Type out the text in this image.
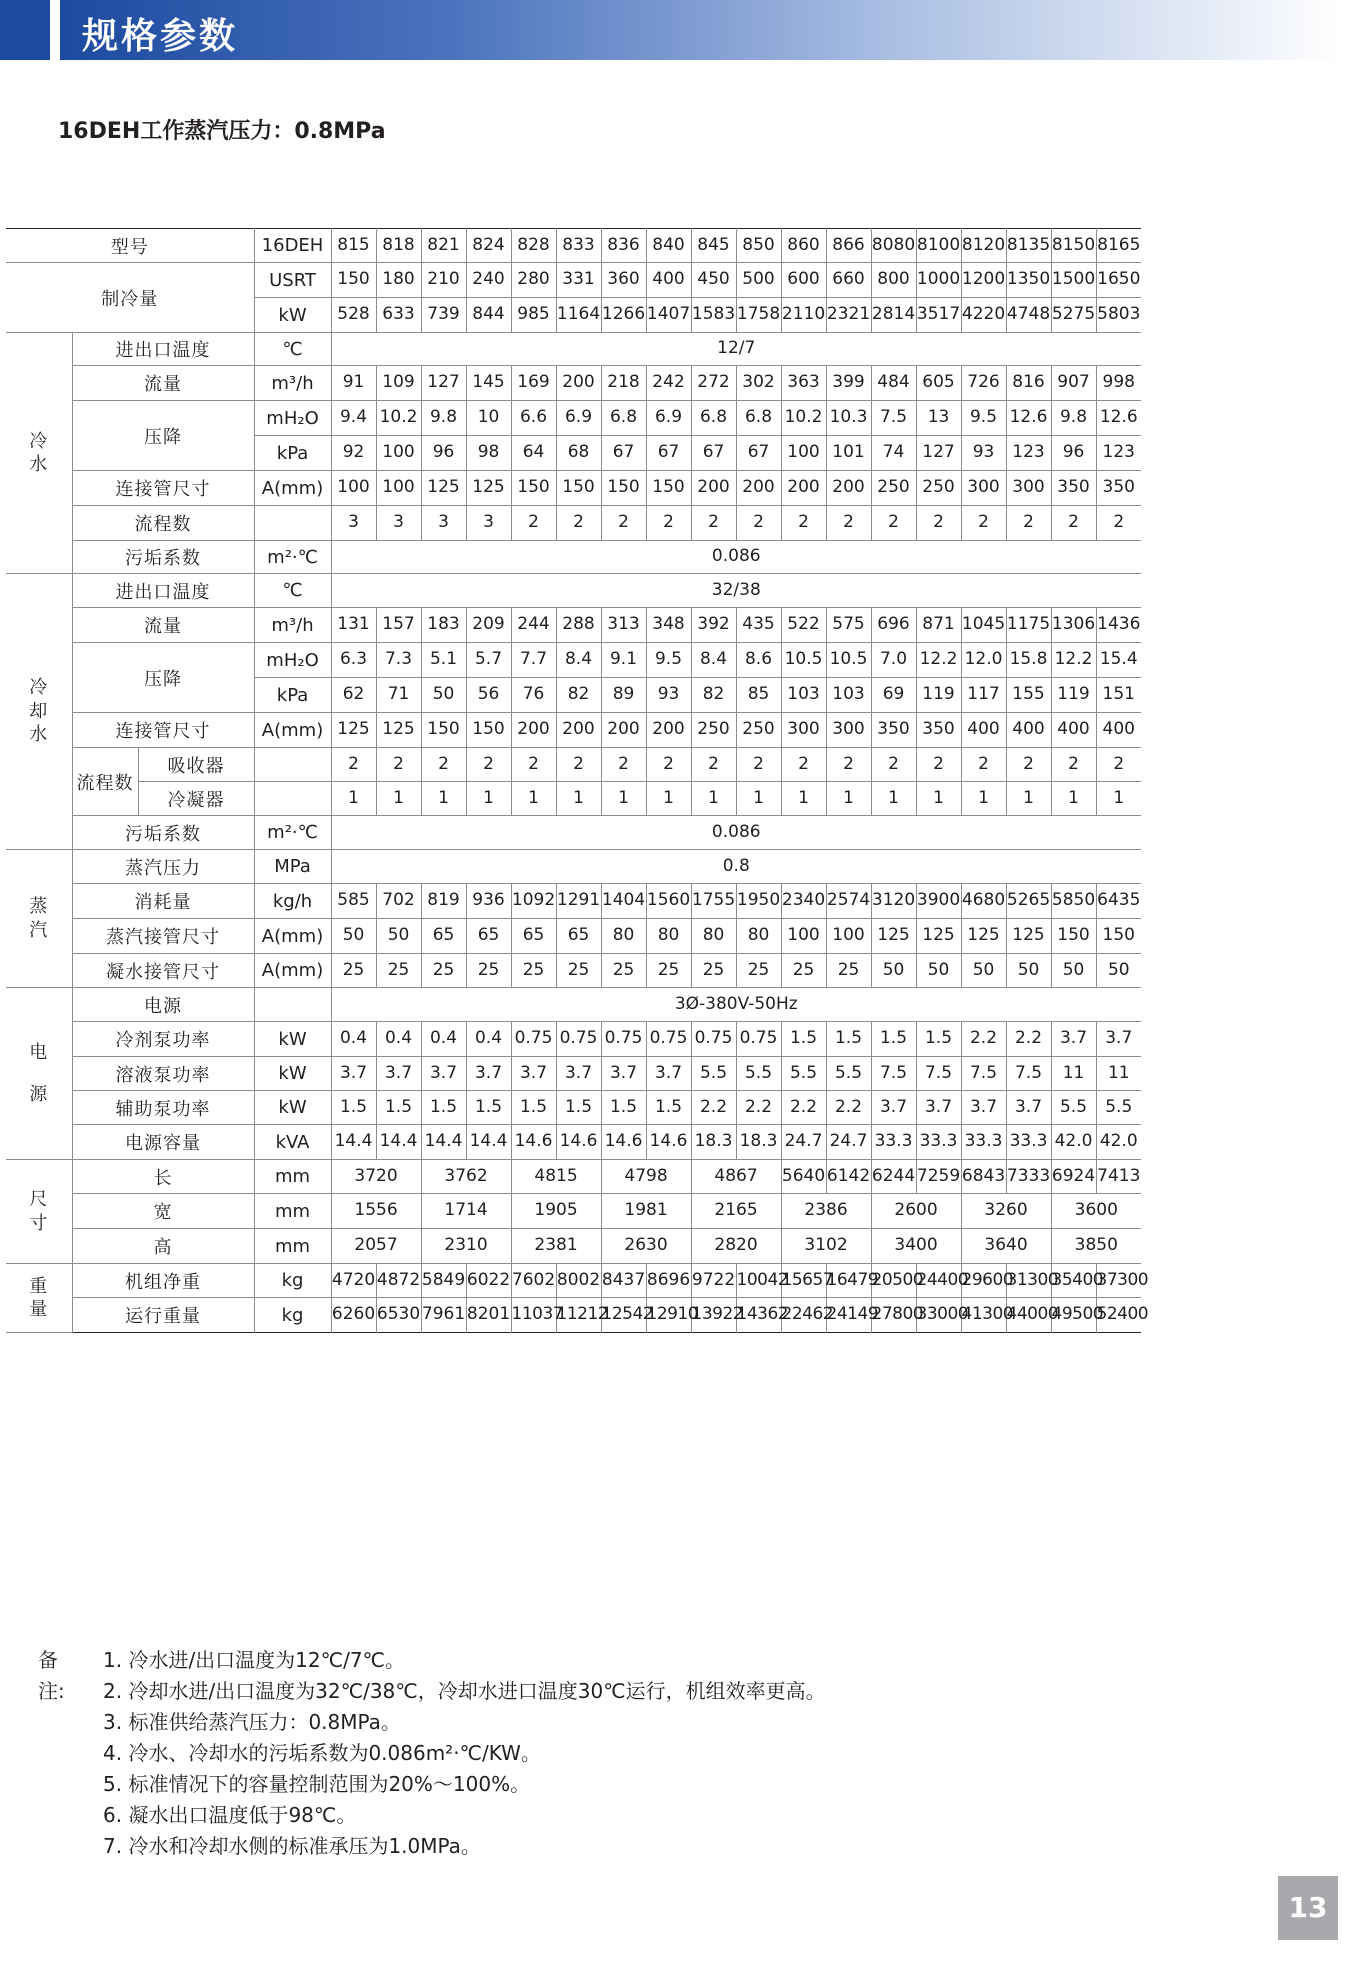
规格参数
16DEH工作蒸汽压力：0.8MPa
型号			16DEH	815	818	821	824	828	833	836	840	845	850	860	866	8080	8100	8120	8135	8150	8165
制冷量			USRT	150	180	210	240	280	331	360	400	450	500	600	660	800	1000	1200	1350	1500	1650
			kW	528	633	739	844	985	1164	1266	1407	1583	1758	2110	2321	2814	3517	4220	4748	5275	5803

冷
水	进出口温度		℃	12/7																	
	流量		m³/h	91	109	127	145	169	200	218	242	272	302	363	399	484	605	726	816	907	998
	压降		mH₂O	9.4	10.2	9.8	10	6.6	6.9	6.8	6.9	6.8	6.8	10.2	10.3	7.5	13	9.5	12.6	9.8	12.6
			kPa	92	100	96	98	64	68	67	67	67	67	100	101	74	127	93	123	96	123
	连接管尺寸		A(mm)	100	100	125	125	150	150	150	150	200	200	200	200	250	250	300	300	350	350
	流程数			3	3	3	3	2	2	2	2	2	2	2	2	2	2	2	2	2	2
	污垢系数		m²·℃	0.086																	

冷
却
水	进出口温度		℃	32/38																	
	流量		m³/h	131	157	183	209	244	288	313	348	392	435	522	575	696	871	1045	1175	1306	1436
	压降		mH₂O	6.3	7.3	5.1	5.7	7.7	8.4	9.1	9.5	8.4	8.6	10.5	10.5	7.0	12.2	12.0	15.8	12.2	15.4
			kPa	62	71	50	56	76	82	89	93	82	85	103	103	69	119	117	155	119	151
	连接管尺寸		A(mm)	125	125	150	150	200	200	200	200	250	250	300	300	350	350	400	400	400	400
	流程数	吸收器		2	2	2	2	2	2	2	2	2	2	2	2	2	2	2	2	2	2
		冷凝器		1	1	1	1	1	1	1	1	1	1	1	1	1	1	1	1	1	1
	污垢系数		m²·℃	0.086																	

蒸
汽	蒸汽压力		MPa	0.8																	
	消耗量		kg/h	585	702	819	936	1092	1291	1404	1560	1755	1950	2340	2574	3120	3900	4680	5265	5850	6435
	蒸汽接管尺寸		A(mm)	50	50	65	65	65	65	80	80	80	80	100	100	125	125	125	125	150	150
	凝水接管尺寸		A(mm)	25	25	25	25	25	25	25	25	25	25	25	25	50	50	50	50	50	50

电
源	电源			3Ø-380V-50Hz																	
	冷剂泵功率		kW	0.4	0.4	0.4	0.4	0.75	0.75	0.75	0.75	0.75	0.75	1.5	1.5	1.5	1.5	2.2	2.2	3.7	3.7
	溶液泵功率		kW	3.7	3.7	3.7	3.7	3.7	3.7	3.7	3.7	5.5	5.5	5.5	5.5	7.5	7.5	7.5	7.5	11	11
	辅助泵功率		kW	1.5	1.5	1.5	1.5	1.5	1.5	1.5	1.5	2.2	2.2	2.2	2.2	3.7	3.7	3.7	3.7	5.5	5.5
	电源容量		kVA	14.4	14.4	14.4	14.4	14.6	14.6	14.6	14.6	18.3	18.3	24.7	24.7	33.3	33.3	33.3	33.3	42.0	42.0

尺
寸	长		mm	3720		3762		4815		4798		4867		5640	6142	6244	7259	6843	7333	6924	7413
	宽		mm	1556		1714		1905		1981		2165		2386		2600		3260		3600	
	高		mm	2057		2310		2381		2630		2820		3102		3400		3640		3850	

重
量	机组净重		kg	4720	4872	5849	6022	7602	8002	8437	8696	9722	10042	15657	16479	20500	24400	29600	31300	35400	37300
	运行重量		kg	6260	6530	7961	8201	11037	11212	12542	12910	13922	14362	22462	24149	27800	33000	41300	44000	49500	52400
备注:
1. 冷水进/出口温度为12℃/7℃。
2. 冷却水进/出口温度为32℃/38℃，冷却水进口温度30℃运行，机组效率更高。
3. 标准供给蒸汽压力：0.8MPa。
4. 冷水、冷却水的污垢系数为0.086m²·℃/KW。
5. 标准情况下的容量控制范围为20%～100%。
6. 凝水出口温度低于98℃。
7. 冷水和冷却水侧的标准承压为1.0MPa。
13
